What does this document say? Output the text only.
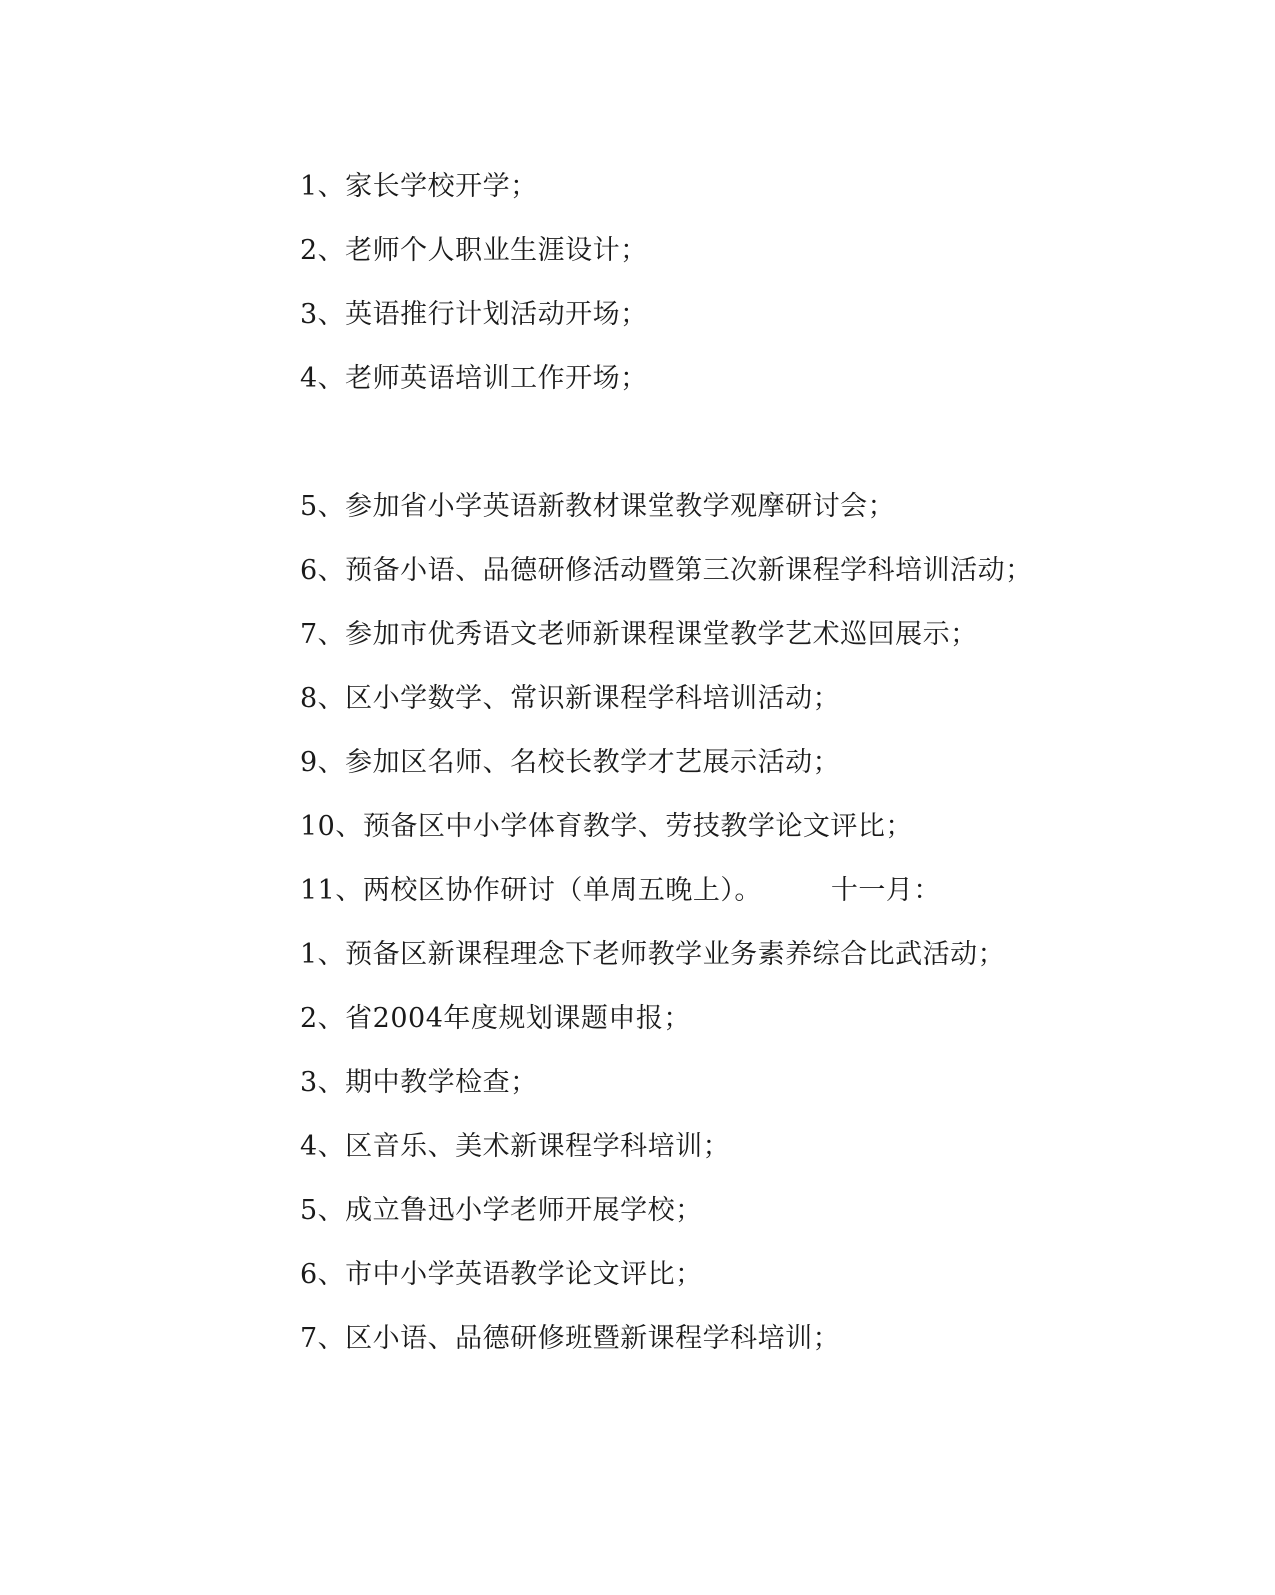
1、家长学校开学；
2、老师个人职业生涯设计；
3、英语推行计划活动开场；
4、老师英语培训工作开场；
5、参加省小学英语新教材课堂教学观摩研讨会；
6、预备小语、品德研修活动暨第三次新课程学科培训活动；
7、参加市优秀语文老师新课程课堂教学艺术巡回展示；
8、区小学数学、常识新课程学科培训活动；
9、参加区名师、名校长教学才艺展示活动；
10、预备区中小学体育教学、劳技教学论文评比；
11、两校区协作研讨（单周五晚上）。　　　十一月：
1、预备区新课程理念下老师教学业务素养综合比武活动；
2、省2004年度规划课题申报；
3、期中教学检查；
4、区音乐、美术新课程学科培训；
5、成立鲁迅小学老师开展学校；
6、市中小学英语教学论文评比；
7、区小语、品德研修班暨新课程学科培训；
